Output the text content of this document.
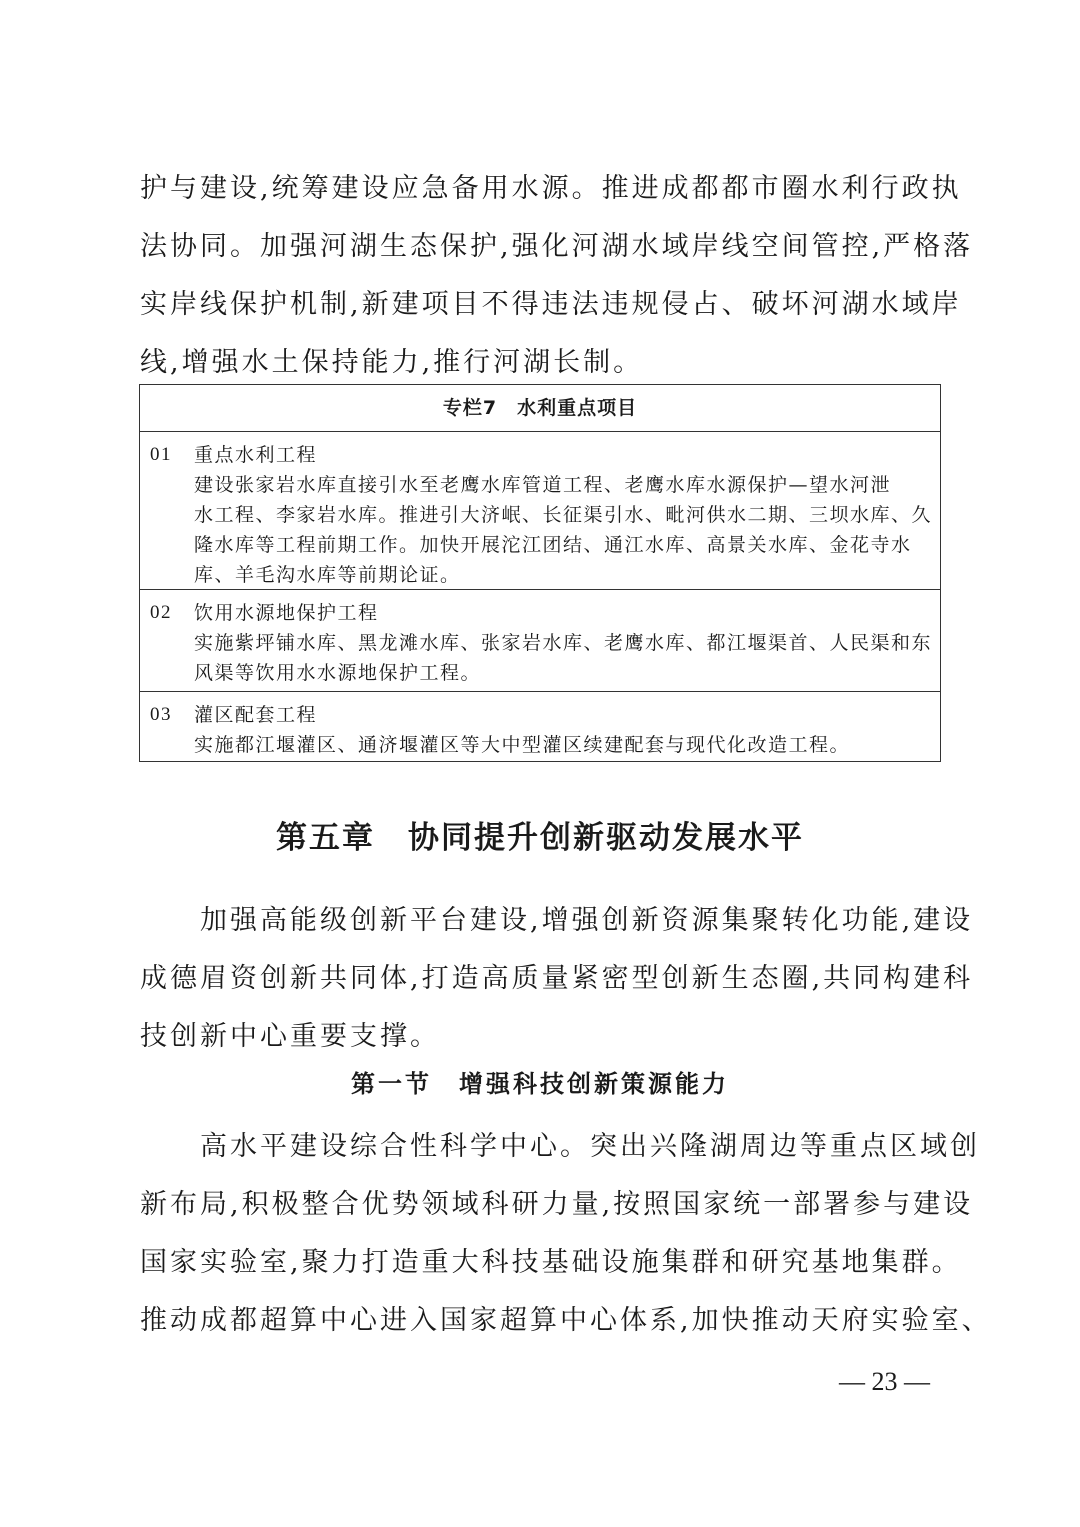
护与建设,统筹建设应急备用水源。推进成都都市圈水利行政执
法协同。加强河湖生态保护,强化河湖水域岸线空间管控,严格落
实岸线保护机制,新建项目不得违法违规侵占、破坏河湖水域岸
线,增强水土保持能力,推行河湖长制。
专栏7　水利重点项目
01 重点水利工程
建设张家岩水库直接引水至老鹰水库管道工程、老鹰水库水源保护—望水河泄
水工程、李家岩水库。推进引大济岷、长征渠引水、毗河供水二期、三坝水库、久
隆水库等工程前期工作。加快开展沱江团结、通江水库、高景关水库、金花寺水
库、羊毛沟水库等前期论证。
02 饮用水源地保护工程
实施紫坪铺水库、黑龙滩水库、张家岩水库、老鹰水库、都江堰渠首、人民渠和东
风渠等饮用水水源地保护工程。
03 灌区配套工程
实施都江堰灌区、通济堰灌区等大中型灌区续建配套与现代化改造工程。
第五章　协同提升创新驱动发展水平
　　加强高能级创新平台建设,增强创新资源集聚转化功能,建设
成德眉资创新共同体,打造高质量紧密型创新生态圈,共同构建科
技创新中心重要支撑。
第一节　增强科技创新策源能力
　　高水平建设综合性科学中心。突出兴隆湖周边等重点区域创
新布局,积极整合优势领域科研力量,按照国家统一部署参与建设
国家实验室,聚力打造重大科技基础设施集群和研究基地集群。
推动成都超算中心进入国家超算中心体系,加快推动天府实验室、
— 23 —
